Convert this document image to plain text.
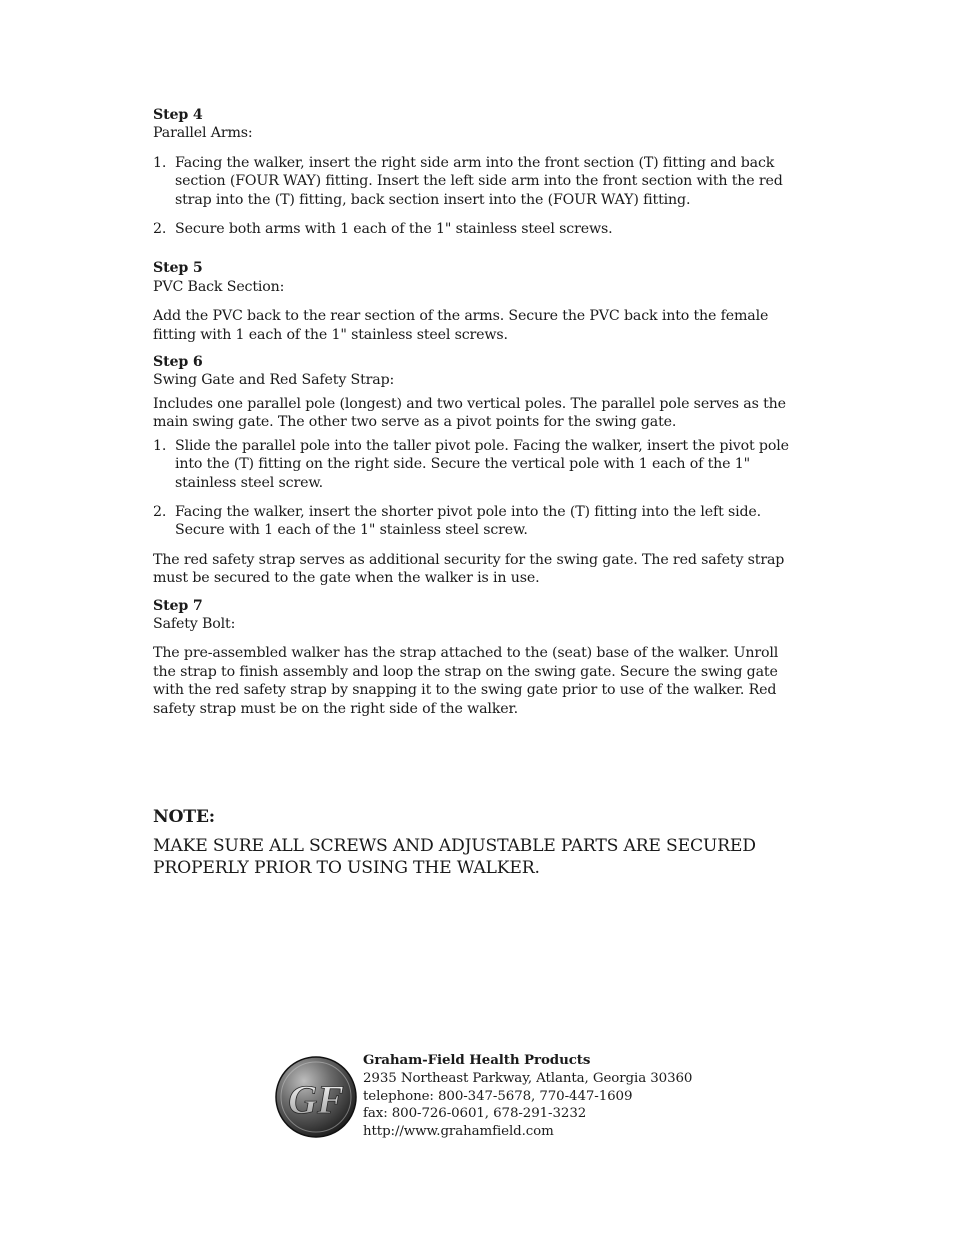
Step 4
Parallel Arms:
1. Facing the walker, insert the right side arm into the front section (T) fitting and back section (FOUR WAY) fitting. Insert the left side arm into the front section with the red strap into the (T) fitting, back section insert into the (FOUR WAY) fitting.
2. Secure both arms with 1 each of the 1" stainless steel screws.
Step 5
PVC Back Section:

Add the PVC back to the rear section of the arms. Secure the PVC back into the female fitting with 1 each of the 1" stainless steel screws.

Step 6
Swing Gate and Red Safety Strap:

Includes one parallel pole (longest) and two vertical poles. The parallel pole serves as the main swing gate. The other two serve as a pivot points for the swing gate.

1. Slide the parallel pole into the taller pivot pole. Facing the walker, insert the pivot pole into the (T) fitting on the right side. Secure the vertical pole with 1 each of the 1" stainless steel screw.
2. Facing the walker, insert the shorter pivot pole into the (T) fitting into the left side. Secure with 1 each of the 1" stainless steel screw.

The red safety strap serves as additional security for the swing gate. The red safety strap must be secured to the gate when the walker is in use.

Step 7
Safety Bolt:

The pre-assembled walker has the strap attached to the (seat) base of the walker. Unroll the strap to finish assembly and loop the strap on the swing gate. Secure the swing gate with the red safety strap by snapping it to the swing gate prior to use of the walker. Red safety strap must be on the right side of the walker.

NOTE:
MAKE SURE ALL SCREWS AND ADJUSTABLE PARTS ARE SECURED PROPERLY PRIOR TO USING THE WALKER.
GF
Graham-Field Health Products
2935 Northeast Parkway, Atlanta, Georgia 30360
telephone: 800-347-5678, 770-447-1609
fax: 800-726-0601, 678-291-3232
http://www.grahamfield.com
